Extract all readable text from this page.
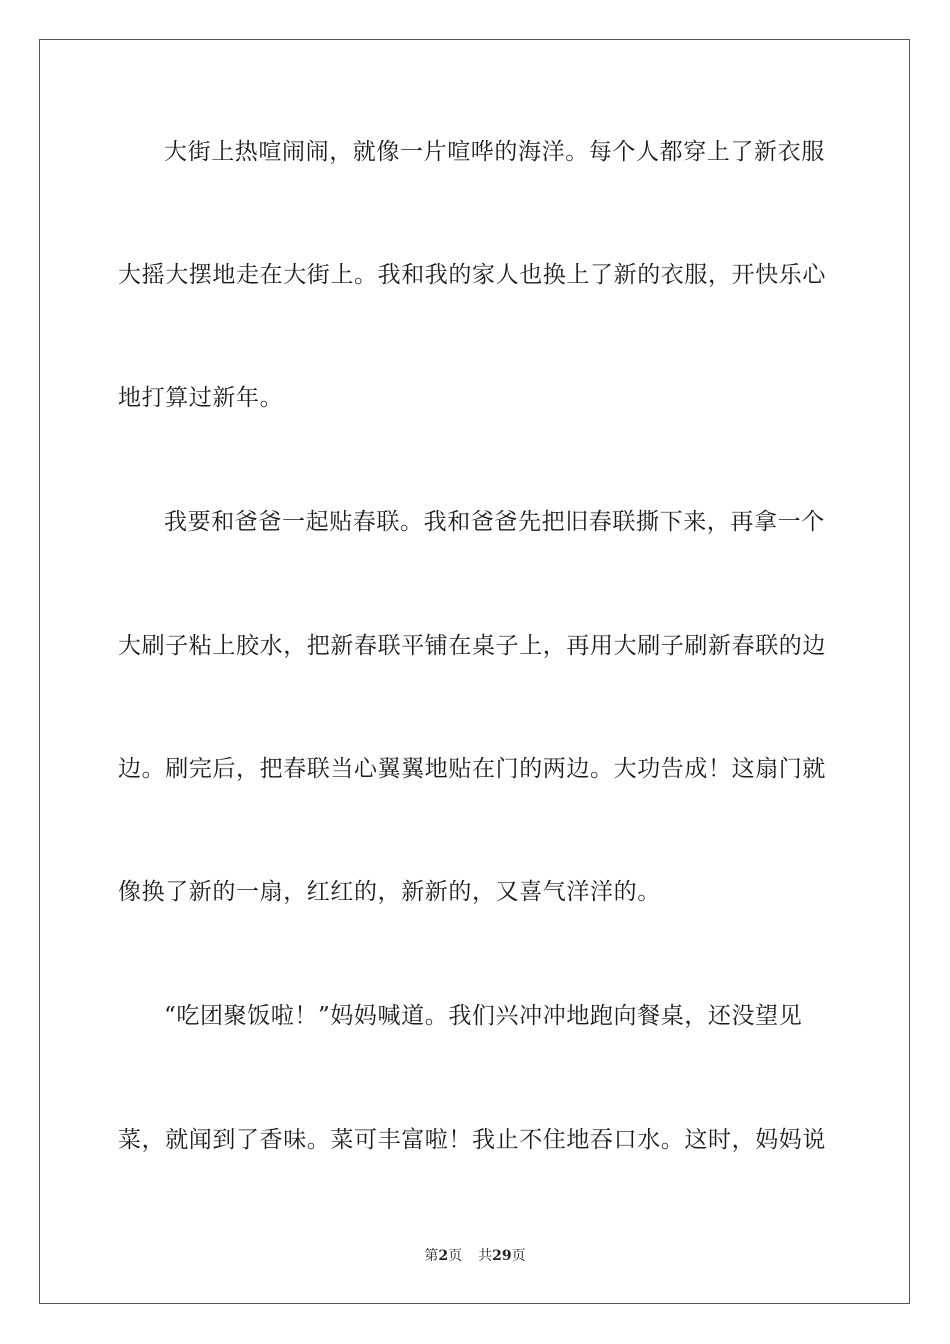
大街上热喧闹闹，就像一片喧哗的海洋。每个人都穿上了新衣服
大摇大摆地走在大街上。我和我的家人也换上了新的衣服，开快乐心
地打算过新年。
我要和爸爸一起贴春联。我和爸爸先把旧春联撕下来，再拿一个
大刷子粘上胶水，把新春联平铺在桌子上，再用大刷子刷新春联的边
边。刷完后，把春联当心翼翼地贴在门的两边。大功告成！这扇门就
像换了新的一扇，红红的，新新的，又喜气洋洋的。
“吃团聚饭啦！”妈妈喊道。我们兴冲冲地跑向餐桌，还没望见
菜，就闻到了香味。菜可丰富啦！我止不住地吞口水。这时，妈妈说
第2页 共29页
